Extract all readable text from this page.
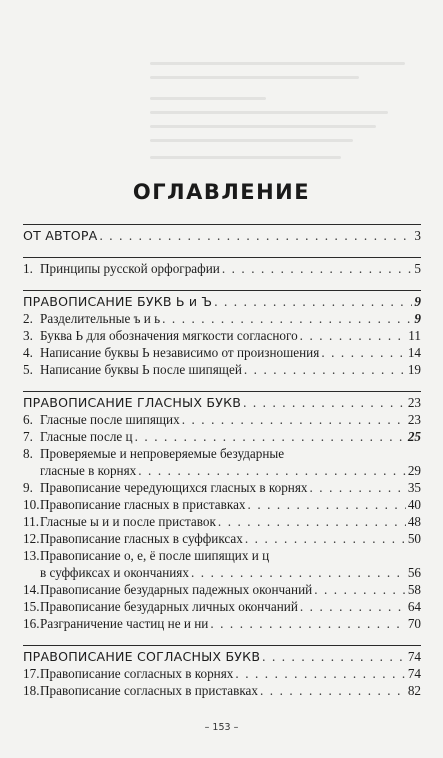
ОГЛАВЛЕНИЕ
ОТ АВТОРА . . .	3
1. Принципы русской орфографии . . .	5
ПРАВОПИСАНИЕ БУКВ Ь и Ъ . . .	9
2. Разделительные ъ и ь . . .	9
3. Буква Ь для обозначения мягкости согласного . . .	11
4. Написание буквы Ь независимо от произношения . . .	14
5. Написание буквы Ь после шипящей . . .	19
ПРАВОПИСАНИЕ ГЛАСНЫХ БУКВ . . .	23
6. Гласные после шипящих . . .	23
7. Гласные после ц . . .	25
8. Проверяемые и непроверяемые безударные
гласные в корнях . . .	29
9. Правописание чередующихся гласных в корнях . . .	35
10. Правописание гласных в приставках . . .	40
11. Гласные ы и и после приставок . . .	48
12. Правописание гласных в суффиксах . . .	50
13. Правописание о, е, ё после шипящих и ц
в суффиксах и окончаниях . . .	56
14. Правописание безударных падежных окончаний . . .	58
15. Правописание безударных личных окончаний . . .	64
16. Разграничение частиц не и ни . . .	70
ПРАВОПИСАНИЕ СОГЛАСНЫХ БУКВ . . .	74
17. Правописание согласных в корнях . . .	74
18. Правописание согласных в приставках . . .	82
– 153 –
